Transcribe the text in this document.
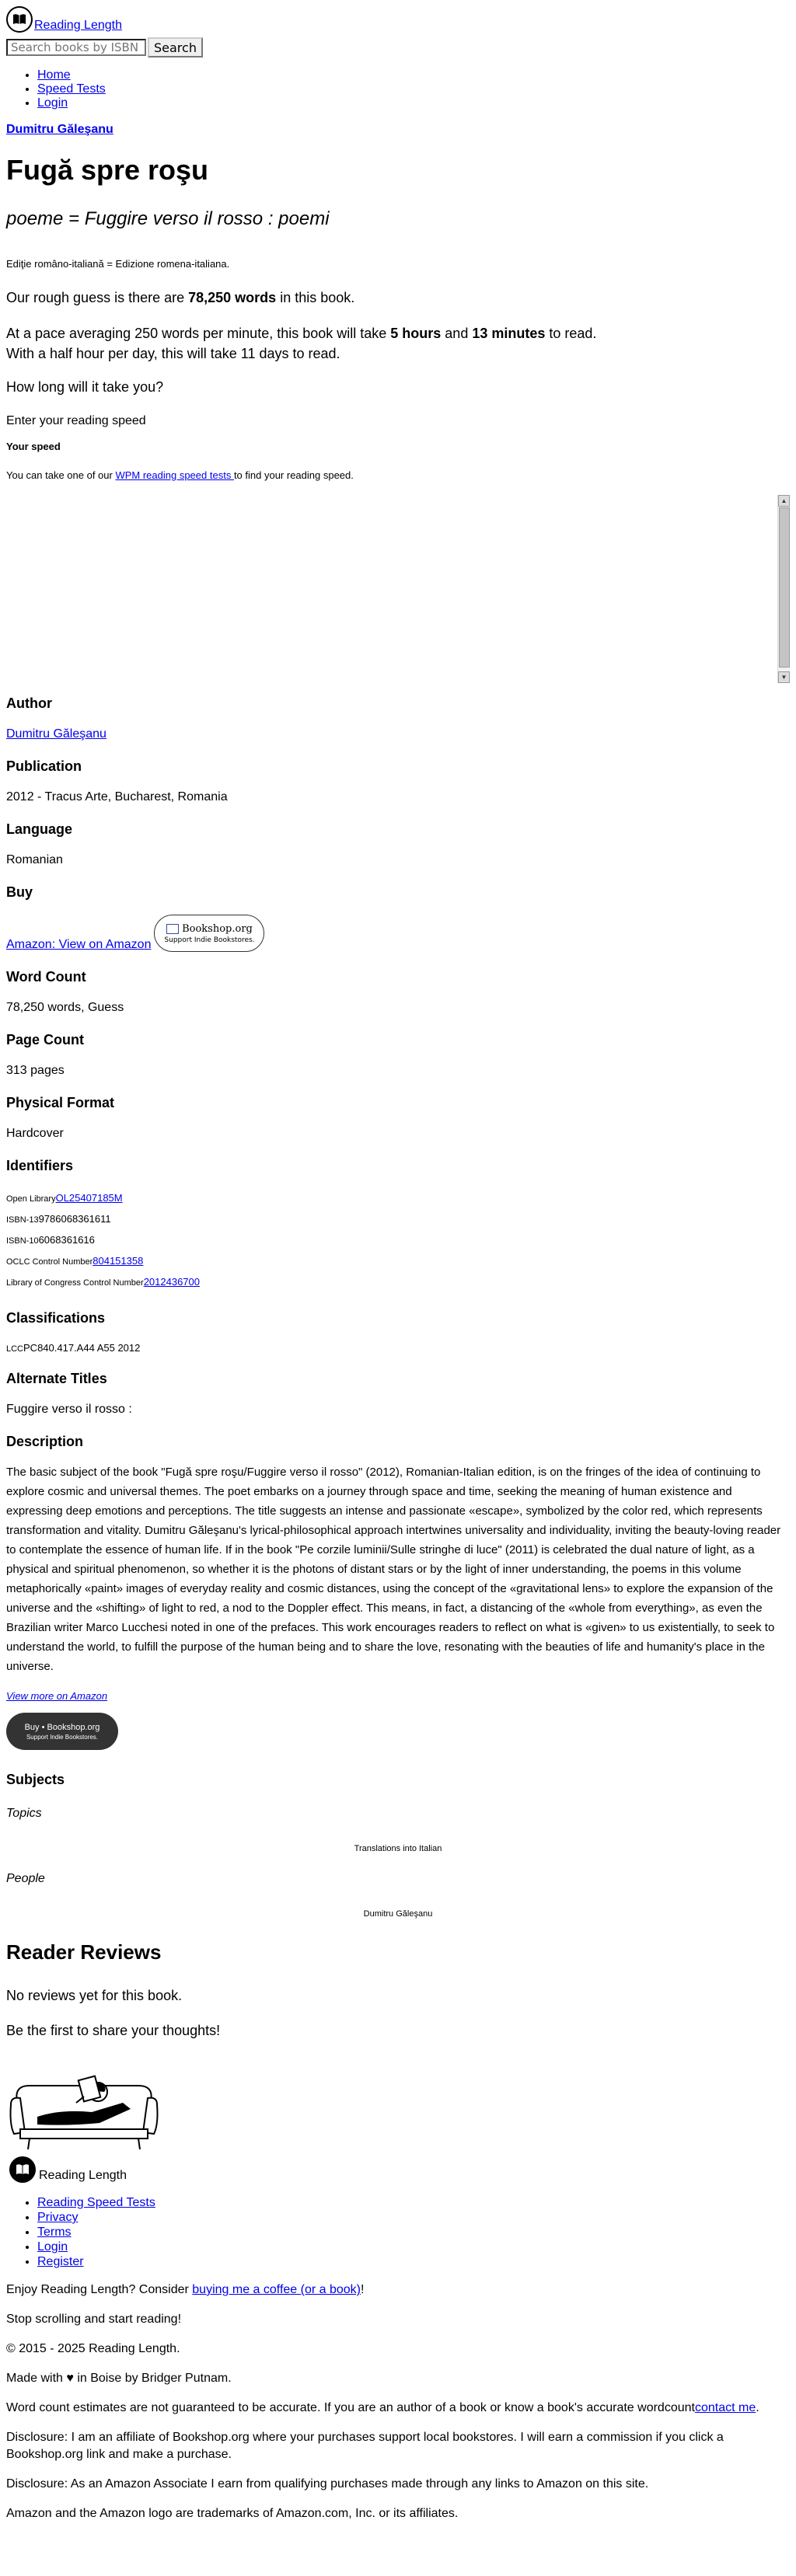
Reading Length
Search books by ISBN or title
Search
• Home
• Speed Tests
• Login
Dumitru Găleşanu
Fugă spre roşu
poeme = Fuggire verso il rosso : poemi
Ediţie româno-italiană = Edizione romena-italiana.
Our rough guess is there are 78,250 words in this book.
At a pace averaging 250 words per minute, this book will take 5 hours and 13 minutes to read.
With a half hour per day, this will take 11 days to read.
How long will it take you?
Enter your reading speed
Your speed
You can take one of our WPM reading speed tests to find your reading speed.
▲
▼
Author

Dumitru Găleşanu

Publication

2012 - Tracus Arte, Bucharest, Romania

Language

Romanian

Buy
Amazon: View on Amazon
Bookshop.org
Support Indie Bookstores.
Word Count

78,250 words, Guess

Page Count

313 pages

Physical Format

Hardcover

Identifiers
Open LibraryOL25407185M
ISBN-139786068361611
ISBN-106068361616
OCLC Control Number804151358
Library of Congress Control Number2012436700
Classifications
LCCPC840.417.A44 A55 2012
Alternate Titles

Fuggire verso il rosso :

Description
The basic subject of the book "Fugă spre roşu/Fuggire verso il rosso" (2012), Romanian-Italian edition, is on the fringes of the idea of continuing to explore cosmic and universal themes. The poet embarks on a journey through space and time, seeking the meaning of human existence and expressing deep emotions and perceptions. The title suggests an intense and passionate «escape», symbolized by the color red, which represents transformation and vitality. Dumitru Găleşanu's lyrical-philosophical approach intertwines universality and individuality, inviting the beauty-loving reader to contemplate the essence of human life. If in the book "Pe corzile luminii/Sulle stringhe di luce" (2011) is celebrated the dual nature of light, as a physical and spiritual phenomenon, so whether it is the photons of distant stars or by the light of inner understanding, the poems in this volume metaphorically «paint» images of everyday reality and cosmic distances, using the concept of the «gravitational lens» to explore the expansion of the universe and the «shifting» of light to red, a nod to the Doppler effect. This means, in fact, a distancing of the «whole from everything», as even the Brazilian writer Marco Lucchesi noted in one of the prefaces. This work encourages readers to reflect on what is «given» to us existentially, to seek to understand the world, to fulfill the purpose of the human being and to share the love, resonating with the beauties of life and humanity's place in the universe.
View more on Amazon
Buy • Bookshop.org
Support Indie Bookstores.
Subjects
Topics
Translations into Italian
People
Dumitru Găleşanu
Reader Reviews
No reviews yet for this book.
Be the first to share your thoughts!
Reading Length
• Reading Speed Tests
• Privacy
• Terms
• Login
• Register

Enjoy Reading Length? Consider buying me a coffee (or a book)!

Stop scrolling and start reading!

© 2015 - 2025 Reading Length.

Made with ♥ in Boise by Bridger Putnam.

Word count estimates are not guaranteed to be accurate. If you are an author of a book or know a book's accurate wordcountcontact me.

Disclosure: I am an affiliate of Bookshop.org where your purchases support local bookstores. I will earn a commission if you click a Bookshop.org link and make a purchase.

Disclosure: As an Amazon Associate I earn from qualifying purchases made through any links to Amazon on this site.

Amazon and the Amazon logo are trademarks of Amazon.com, Inc. or its affiliates.
